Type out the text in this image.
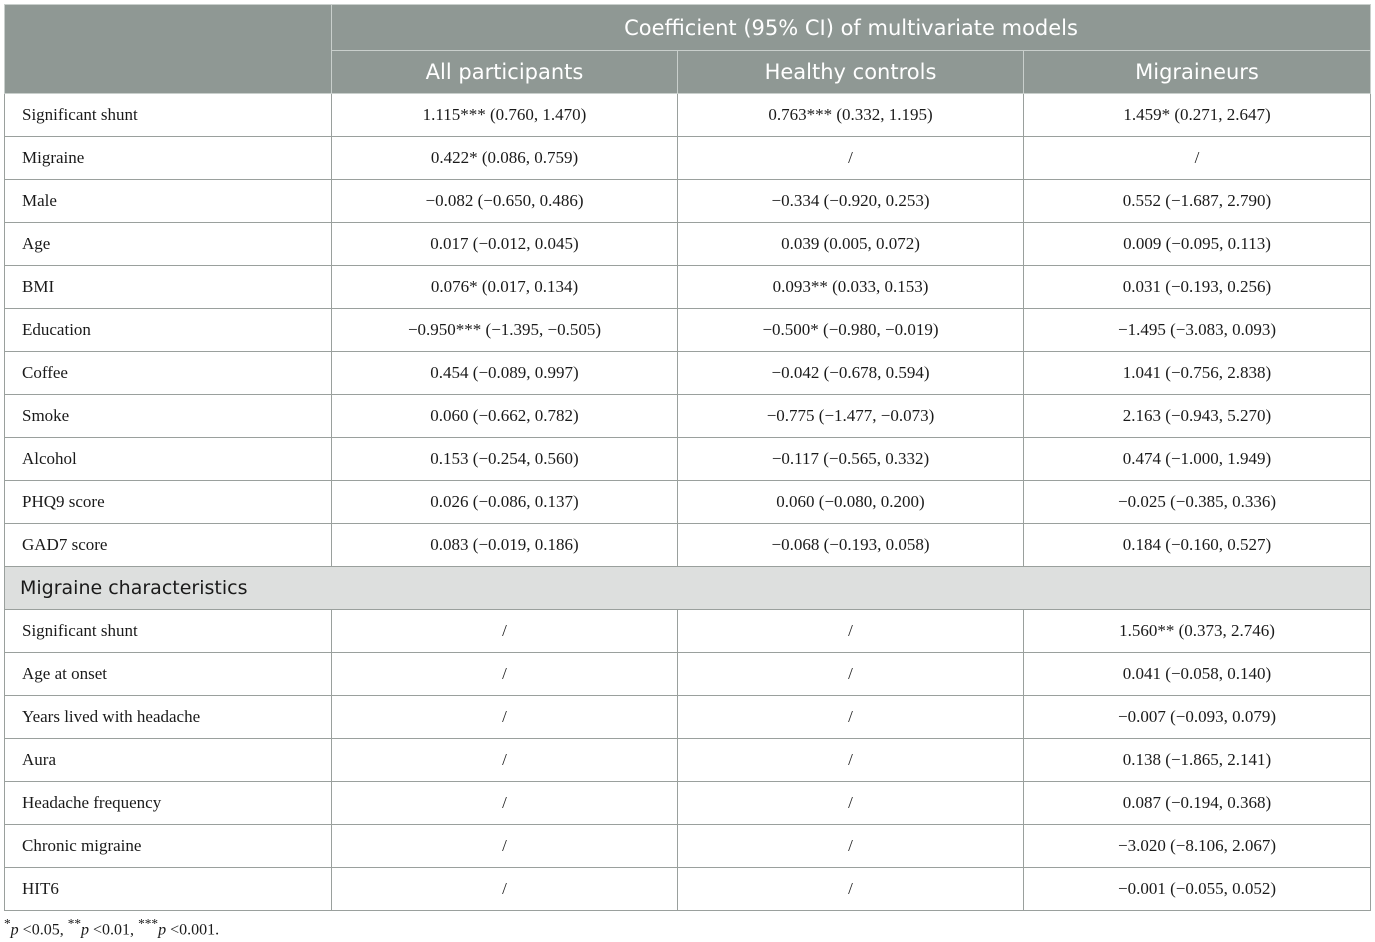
	Coefficient (95% CI) of multivariate models		
	All participants	Healthy controls	Migraineurs
Significant shunt	1.115*** (0.760, 1.470)	0.763*** (0.332, 1.195)	1.459* (0.271, 2.647)
Migraine	0.422* (0.086, 0.759)	/	/
Male	−0.082 (−0.650, 0.486)	−0.334 (−0.920, 0.253)	0.552 (−1.687, 2.790)
Age	0.017 (−0.012, 0.045)	0.039 (0.005, 0.072)	0.009 (−0.095, 0.113)
BMI	0.076* (0.017, 0.134)	0.093** (0.033, 0.153)	0.031 (−0.193, 0.256)
Education	−0.950*** (−1.395, −0.505)	−0.500* (−0.980, −0.019)	−1.495 (−3.083, 0.093)
Coffee	0.454 (−0.089, 0.997)	−0.042 (−0.678, 0.594)	1.041 (−0.756, 2.838)
Smoke	0.060 (−0.662, 0.782)	−0.775 (−1.477, −0.073)	2.163 (−0.943, 5.270)
Alcohol	0.153 (−0.254, 0.560)	−0.117 (−0.565, 0.332)	0.474 (−1.000, 1.949)
PHQ9 score	0.026 (−0.086, 0.137)	0.060 (−0.080, 0.200)	−0.025 (−0.385, 0.336)
GAD7 score	0.083 (−0.019, 0.186)	−0.068 (−0.193, 0.058)	0.184 (−0.160, 0.527)
Migraine characteristics			
Significant shunt	/	/	1.560** (0.373, 2.746)
Age at onset	/	/	0.041 (−0.058, 0.140)
Years lived with headache	/	/	−0.007 (−0.093, 0.079)
Aura	/	/	0.138 (−1.865, 2.141)
Headache frequency	/	/	0.087 (−0.194, 0.368)
Chronic migraine	/	/	−3.020 (−8.106, 2.067)
HIT6	/	/	−0.001 (−0.055, 0.052)
*p <0.05, **p <0.01, ***p <0.001.
